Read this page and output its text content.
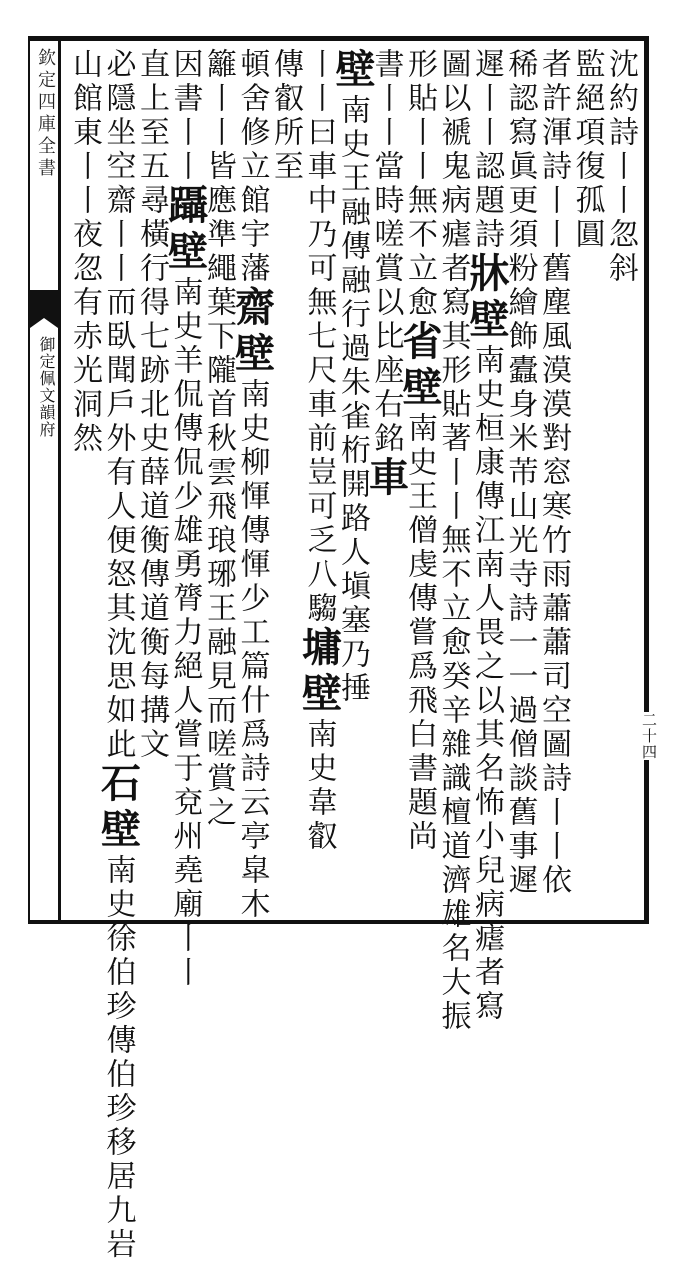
欽定四庫全書
御定佩文韻府
二十四
沈約詩丨丨忽斜
監絕項復孤圓
者許渾詩丨丨舊塵風漠漠對窓寒竹雨蕭蕭司空圖詩丨丨依
稀認寫眞更須粉繪飾蠹身米芾山光寺詩一一過僧談舊事遲
遲丨丨認題詩牀壁南史桓康傳江南人畏之以其名怖小兒病瘧者寫
圖以褫鬼病瘧者寫其形貼著丨丨無不立愈癸辛雜識檀道濟雄名大振
形貼丨丨無不立愈省壁南史王僧虔傳嘗爲飛白書題尚
書丨丨當時嗟賞以比座右銘車
壁南史王融傳融行過朱雀桁開路人塡塞乃捶
丨丨曰車中乃可無七尺車前豈可乏八騶墉壁南史韋叡
傳叡所至
頓舍修立館宇藩齋壁南史柳惲傳惲少工篇什爲詩云亭皐木
籬丨丨皆應準繩葉下隴首秋雲飛琅琊王融見而嗟賞之
因書丨丨躡壁南史羊侃傳侃少雄勇膂力絕人嘗于兗州堯廟丨丨
直上至五尋橫行得七跡北史薛道衡傳道衡每搆文
必隱坐空齋丨丨而臥聞戶外有人便怒其沈思如此石壁南史徐伯珍傳伯珍移居九岩
山館東丨丨夜忽有赤光洞然
